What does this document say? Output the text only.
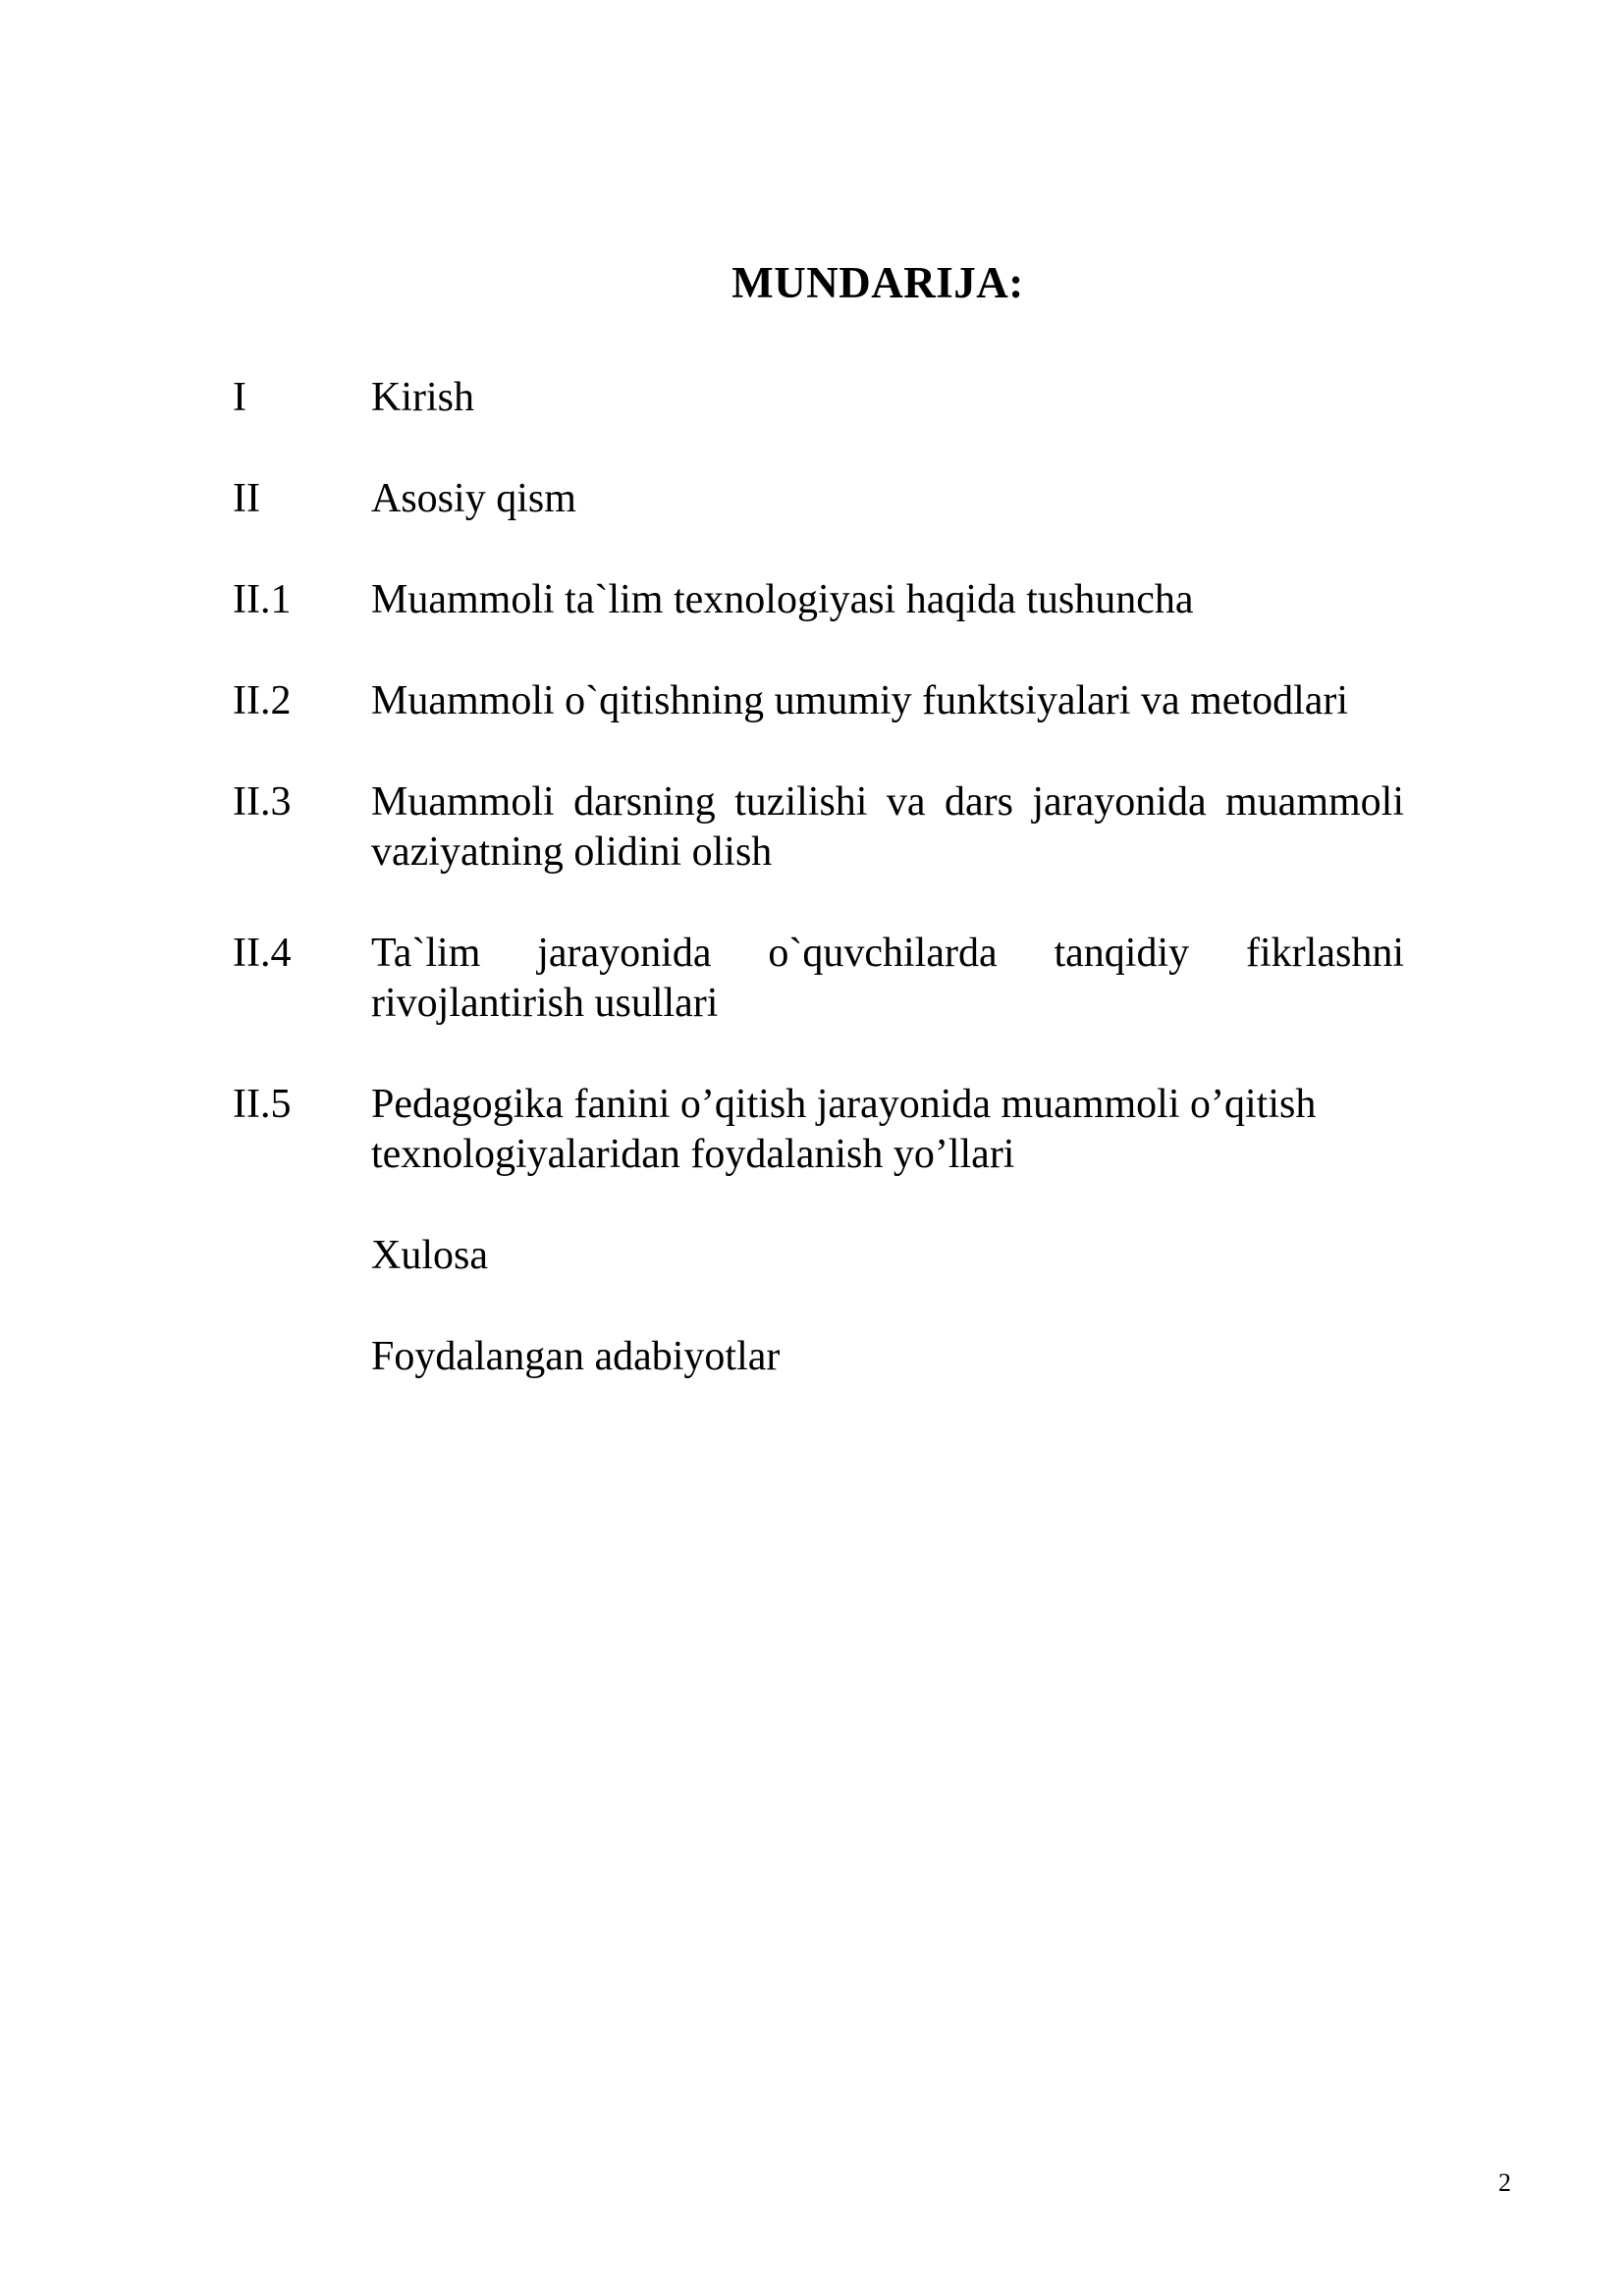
MUNDARIJA:
I	Kirish
II	Asosiy qism
II.1	Muammoli ta`lim texnologiyasi haqida tushuncha
II.2	Muammoli o`qitishning umumiy funktsiyalari va metodlari
II.3	Muammoli darsning tuzilishi va dars jarayonida muammoli vaziyatning olidini olish
II.4	Ta`lim jarayonida o`quvchilarda tanqidiy fikrlashni rivojlantirish usullari
II.5	Pedagogika fanini o’qitish jarayonida muammoli o’qitish texnologiyalaridan foydalanish yo’llari
Xulosa
Foydalangan adabiyotlar
2
